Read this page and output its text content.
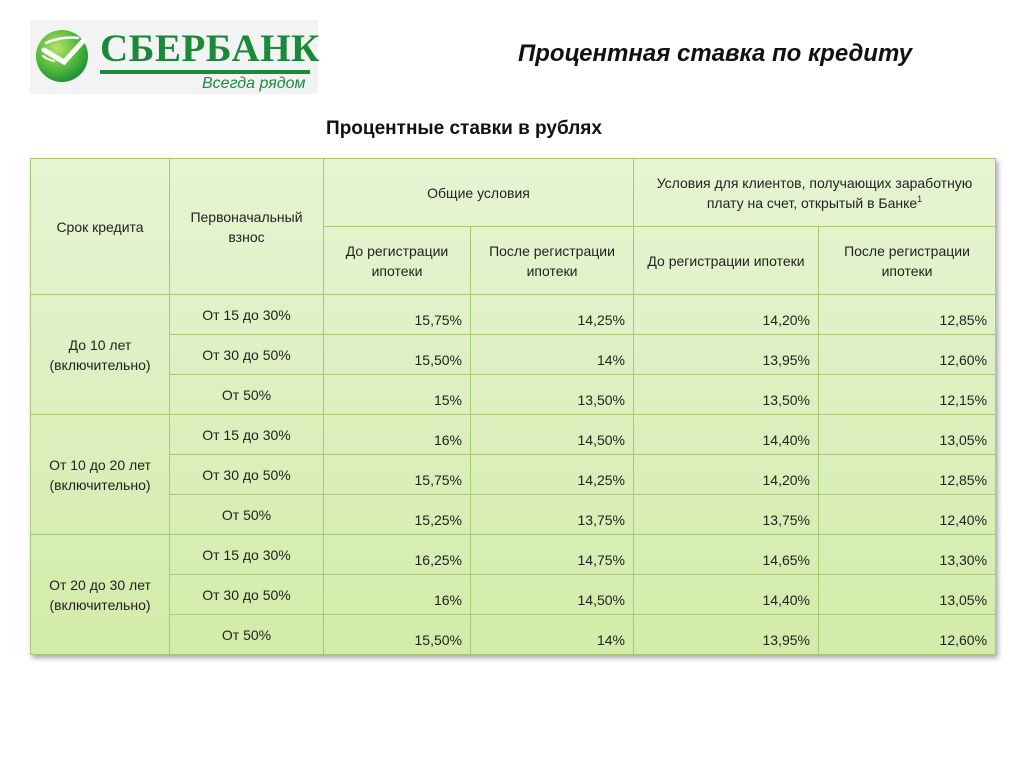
СБЕРБАНК
Всегда рядом
Процентная ставка по кредиту
Процентные ставки в рублях
Срок кредита	Первоначальный взнос	Общие условия		Условия для клиентов, получающих заработную плату на счет, открытый в Банке$^1$
		До регистрации ипотеки	После регистрации ипотеки	До регистрации ипотеки	После регистрации ипотеки
До 10 лет (включительно)	От 15 до 30%	15,75%	14,25%	14,20%	12,85%
	От 30 до 50%	15,50%	14%	13,95%	12,60%
	От 50%	15%	13,50%	13,50%	12,15%
От 10 до 20 лет (включительно)	От 15 до 30%	16%	14,50%	14,40%	13,05%
	От 30 до 50%	15,75%	14,25%	14,20%	12,85%
	От 50%	15,25%	13,75%	13,75%	12,40%
От 20 до 30 лет (включительно)	От 15 до 30%	16,25%	14,75%	14,65%	13,30%
	От 30 до 50%	16%	14,50%	14,40%	13,05%
	От 50%	15,50%	14%	13,95%	12,60%
